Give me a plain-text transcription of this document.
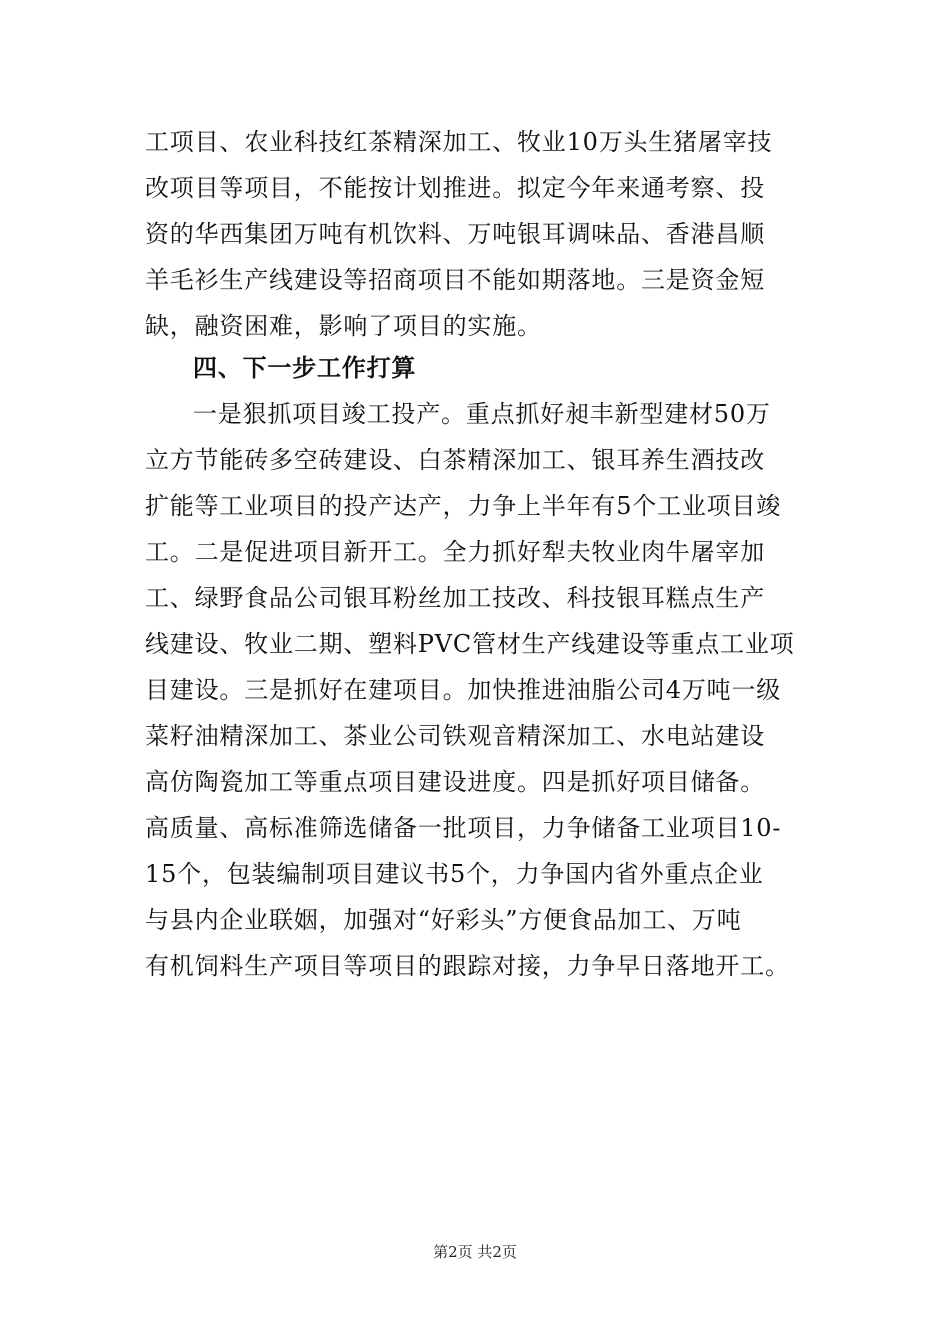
工项目、农业科技红茶精深加工、牧业10万头生猪屠宰技
改项目等项目，不能按计划推进。拟定今年来通考察、投
资的华西集团万吨有机饮料、万吨银耳调味品、香港昌顺
羊毛衫生产线建设等招商项目不能如期落地。三是资金短
缺，融资困难，影响了项目的实施。
四、下一步工作打算
一是狠抓项目竣工投产。重点抓好昶丰新型建材50万
立方节能砖多空砖建设、白茶精深加工、银耳养生酒技改
扩能等工业项目的投产达产，力争上半年有5个工业项目竣
工。二是促进项目新开工。全力抓好犁夫牧业肉牛屠宰加
工、绿野食品公司银耳粉丝加工技改、科技银耳糕点生产
线建设、牧业二期、塑料PVC管材生产线建设等重点工业项
目建设。三是抓好在建项目。加快推进油脂公司4万吨一级
菜籽油精深加工、茶业公司铁观音精深加工、水电站建设
高仿陶瓷加工等重点项目建设进度。四是抓好项目储备。
高质量、高标准筛选储备一批项目，力争储备工业项目10-
15个，包装编制项目建议书5个，力争国内省外重点企业
与县内企业联姻，加强对“好彩头”方便食品加工、万吨
有机饲料生产项目等项目的跟踪对接，力争早日落地开工。
第2页 共2页
